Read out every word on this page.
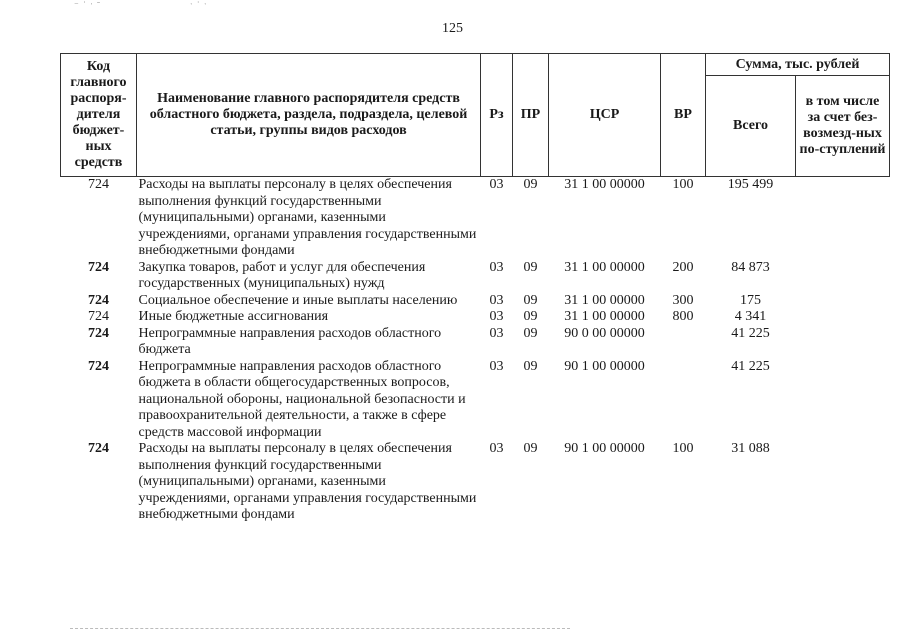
⁻ ˙ ˑ ˉ	ˑ ˙ ˑ
125
Код главного распоря-дителя бюджет-ных средств	Наименование главного распорядителя средств областного бюджета, раздела, подраздела, целевой статьи, группы видов расходов	Рз	ПР	ЦСР	ВР	Сумма, тыс. рублей	
						Всего	в том числе за счет без-возмезд-ных по-ступлений
724	Расходы на выплаты персоналу в целях обеспечения выполнения функций государственными (муниципальными) органами, казенными учреждениями, органами управления государственными внебюджетными фондами	03	09	31 1 00 00000	100	195 499	
724	Закупка товаров, работ и услуг для обеспечения государственных (муниципальных) нужд	03	09	31 1 00 00000	200	84 873	
724	Социальное обеспечение и иные выплаты населению	03	09	31 1 00 00000	300	175	
724	Иные бюджетные ассигнования	03	09	31 1 00 00000	800	4 341	
724	Непрограммные направления расходов областного бюджета	03	09	90 0 00 00000		41 225	
724	Непрограммные направления расходов областного бюджета в области общегосударственных вопросов, национальной обороны, национальной безопасности и правоохранительной деятельности, а также в сфере средств массовой информации	03	09	90 1 00 00000		41 225	
724	Расходы на выплаты персоналу в целях обеспечения выполнения функций государственными (муниципальными) органами, казенными учреждениями, органами управления государственными внебюджетными фондами	03	09	90 1 00 00000	100	31 088	
